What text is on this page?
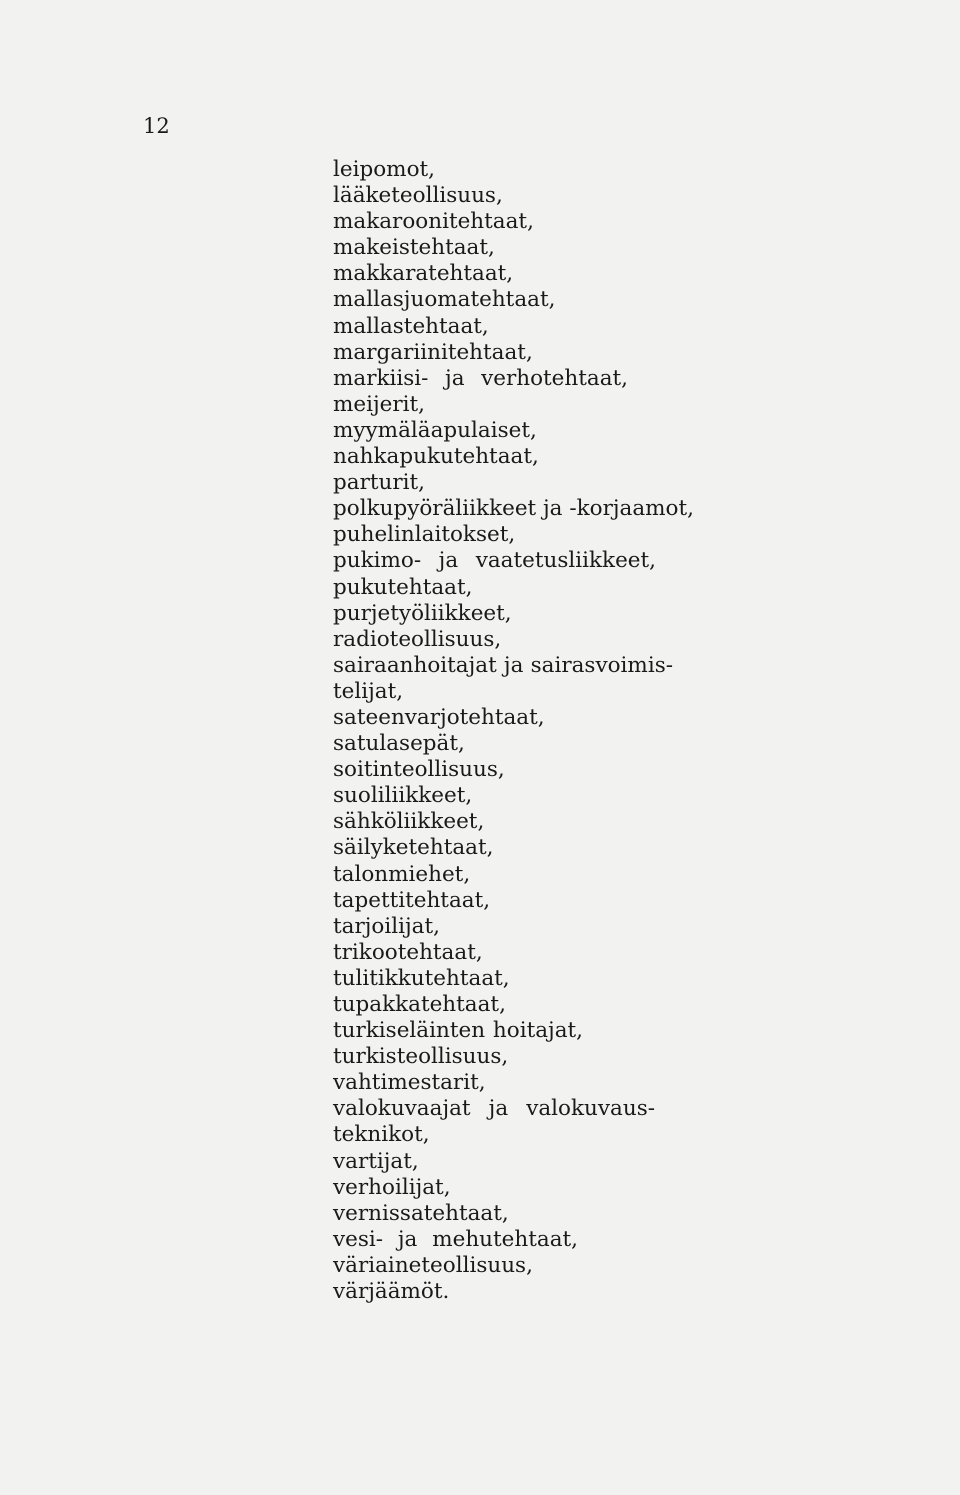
12
leipomot,
lääketeollisuus,
makaroonitehtaat,
makeistehtaat,
makkaratehtaat,
mallasjuomatehtaat,
mallastehtaat,
margariinitehtaat,
markiisi- ja verhotehtaat,
meijerit,
myymäläapulaiset,
nahkapukutehtaat,
parturit,
polkupyöräliikkeet ja -korjaamot,
puhelinlaitokset,
pukimo- ja vaatetusliikkeet,
pukutehtaat,
purjetyöliikkeet,
radioteollisuus,
sairaanhoitajat ja sairasvoimis-
telijat,
sateenvarjotehtaat,
satulasepät,
soitinteollisuus,
suoliliikkeet,
sähköliikkeet,
säilyketehtaat,
talonmiehet,
tapettitehtaat,
tarjoilijat,
trikootehtaat,
tulitikkutehtaat,
tupakkatehtaat,
turkiseläinten hoitajat,
turkisteollisuus,
vahtimestarit,
valokuvaajat ja valokuvaus-
teknikot,
vartijat,
verhoilijat,
vernissatehtaat,
vesi- ja mehutehtaat,
väriaineteollisuus,
värjäämöt.
